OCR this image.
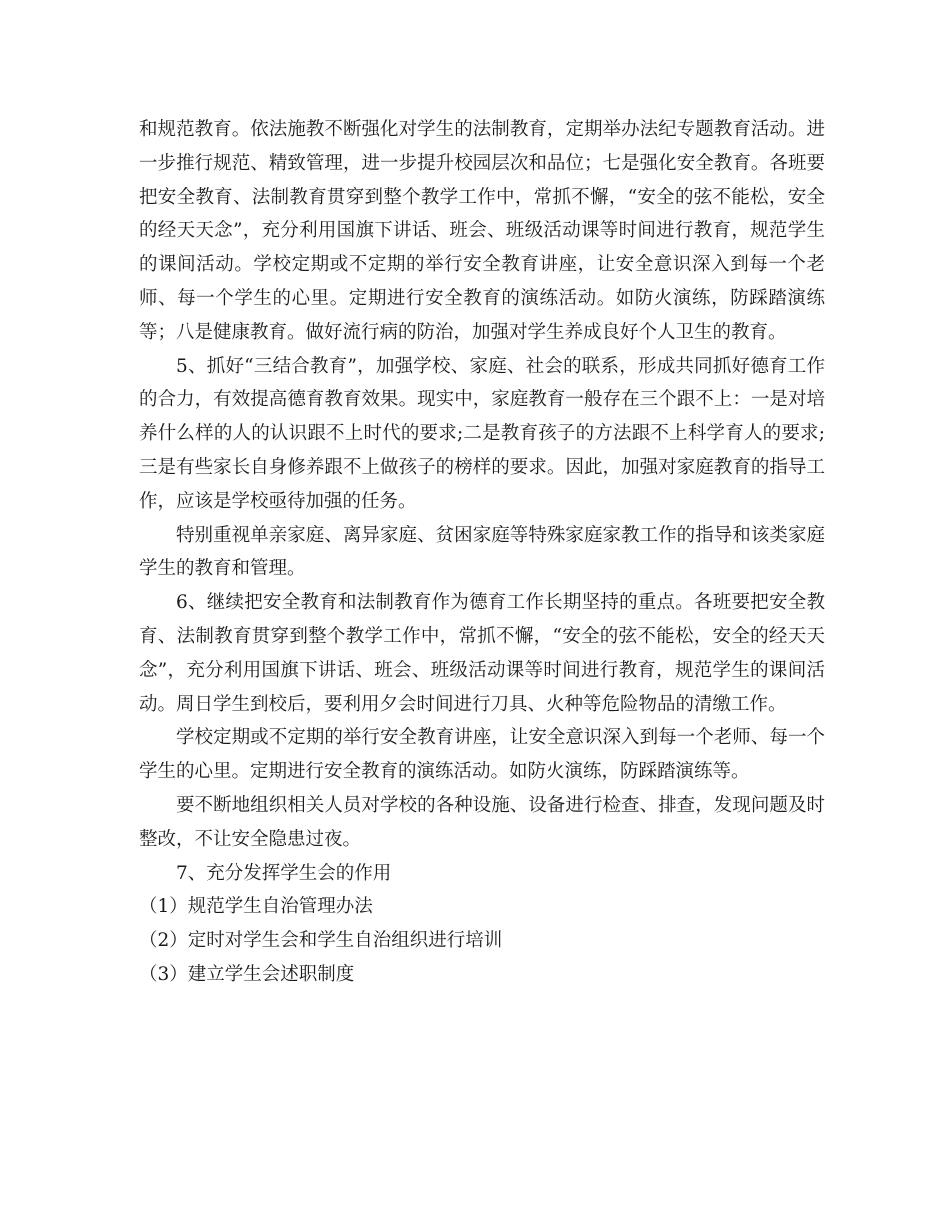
和规范教育。依法施教不断强化对学生的法制教育，定期举办法纪专题教育活动。进一步推行规范、精致管理，进一步提升校园层次和品位；七是强化安全教育。各班要把安全教育、法制教育贯穿到整个教学工作中，常抓不懈，“安全的弦不能松，安全的经天天念”，充分利用国旗下讲话、班会、班级活动课等时间进行教育，规范学生的课间活动。学校定期或不定期的举行安全教育讲座，让安全意识深入到每一个老师、每一个学生的心里。定期进行安全教育的演练活动。如防火演练，防踩踏演练等；八是健康教育。做好流行病的防治，加强对学生养成良好个人卫生的教育。

5、抓好“三结合教育”，加强学校、家庭、社会的联系，形成共同抓好德育工作的合力，有效提高德育教育效果。现实中，家庭教育一般存在三个跟不上：一是对培养什么样的人的认识跟不上时代的要求;二是教育孩子的方法跟不上科学育人的要求;三是有些家长自身修养跟不上做孩子的榜样的要求。因此，加强对家庭教育的指导工作，应该是学校亟待加强的任务。

特别重视单亲家庭、离异家庭、贫困家庭等特殊家庭家教工作的指导和该类家庭学生的教育和管理。

6、继续把安全教育和法制教育作为德育工作长期坚持的重点。各班要把安全教育、法制教育贯穿到整个教学工作中，常抓不懈，“安全的弦不能松，安全的经天天念”，充分利用国旗下讲话、班会、班级活动课等时间进行教育，规范学生的课间活动。周日学生到校后，要利用夕会时间进行刀具、火种等危险物品的清缴工作。

学校定期或不定期的举行安全教育讲座，让安全意识深入到每一个老师、每一个学生的心里。定期进行安全教育的演练活动。如防火演练，防踩踏演练等。

要不断地组织相关人员对学校的各种设施、设备进行检查、排查，发现问题及时整改，不让安全隐患过夜。

7、充分发挥学生会的作用

（1）规范学生自治管理办法

（2）定时对学生会和学生自治组织进行培训

（3）建立学生会述职制度
